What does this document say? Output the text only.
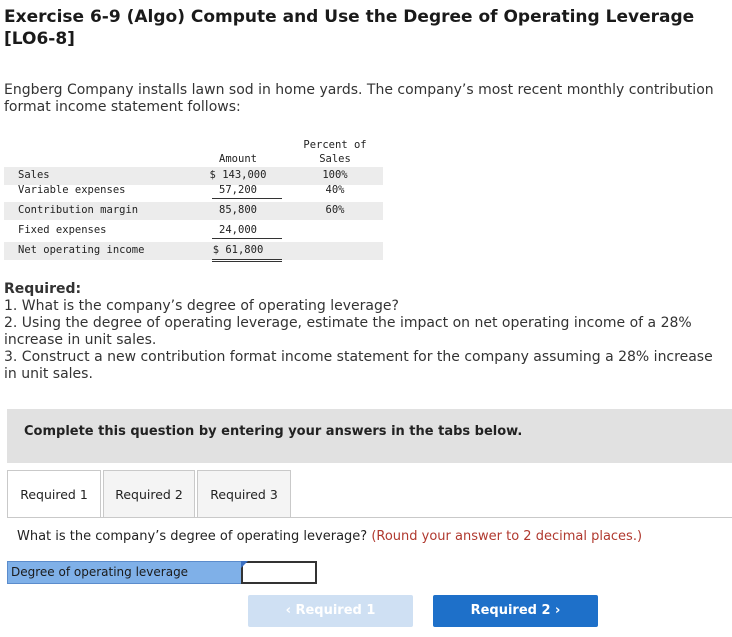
Exercise 6-9 (Algo) Compute and Use the Degree of Operating Leverage [LO6-8]
Engberg Company installs lawn sod in home yards. The company’s most recent monthly contribution format income statement follows:
Amount
Percent of
Sales
Sales	$ 143,000	100%
Variable expenses	57,200	40%
Contribution margin	85,800	60%
Fixed expenses	24,000
Net operating income	$ 61,800
Required:
1. What is the company’s degree of operating leverage?
2. Using the degree of operating leverage, estimate the impact on net operating income of a 28% increase in unit sales.
3. Construct a new contribution format income statement for the company assuming a 28% increase in unit sales.
Complete this question by entering your answers in the tabs below.
Required 1	Required 2	Required 3
What is the company’s degree of operating leverage? (Round your answer to 2 decimal places.)
Degree of operating leverage
‹ Required 1	Required 2 ›
